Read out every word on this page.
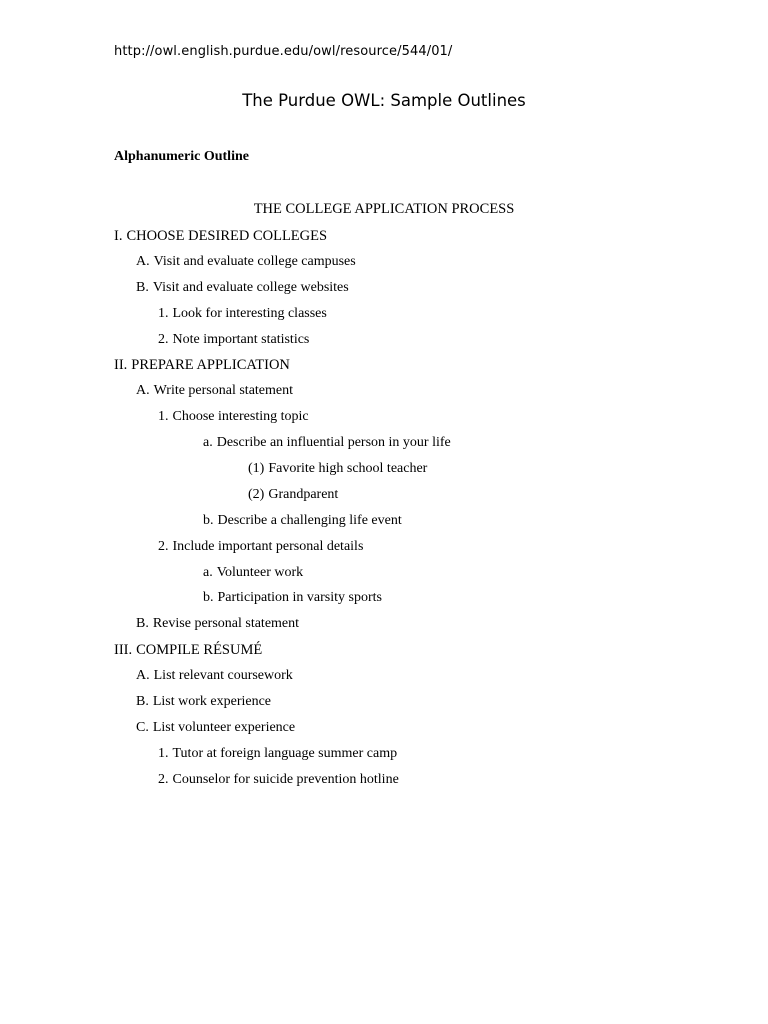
http://owl.english.purdue.edu/owl/resource/544/01/
The Purdue OWL: Sample Outlines
Alphanumeric Outline
THE COLLEGE APPLICATION PROCESS
I. CHOOSE DESIRED COLLEGES
A. Visit and evaluate college campuses
B. Visit and evaluate college websites
1. Look for interesting classes
2. Note important statistics
II. PREPARE APPLICATION
A. Write personal statement
1. Choose interesting topic
a. Describe an influential person in your life
(1) Favorite high school teacher
(2) Grandparent
b. Describe a challenging life event
2. Include important personal details
a. Volunteer work
b. Participation in varsity sports
B. Revise personal statement
III. COMPILE RÉSUMÉ
A. List relevant coursework
B. List work experience
C. List volunteer experience
1. Tutor at foreign language summer camp
2. Counselor for suicide prevention hotline
